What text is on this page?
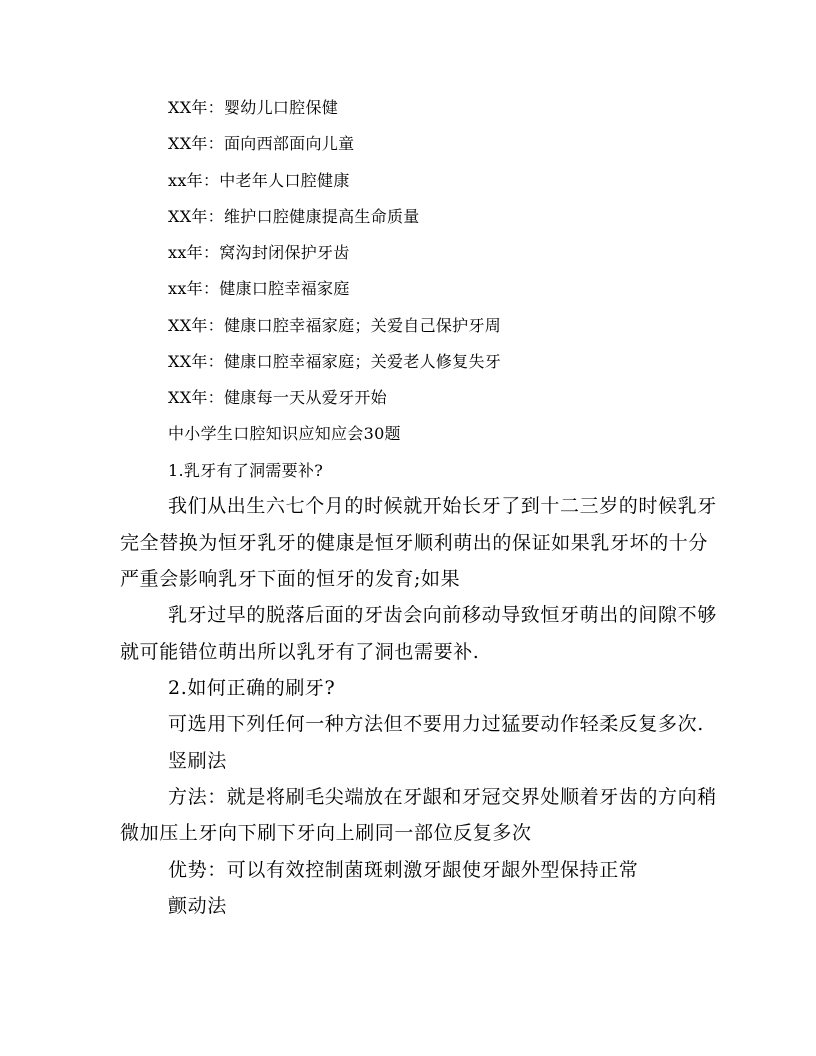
XX年：婴幼儿口腔保健

XX年：面向西部面向儿童

xx年：中老年人口腔健康

XX年：维护口腔健康提高生命质量

xx年：窝沟封闭保护牙齿

xx年：健康口腔幸福家庭

XX年：健康口腔幸福家庭；关爱自己保护牙周

XX年：健康口腔幸福家庭；关爱老人修复失牙

XX年：健康每一天从爱牙开始

中小学生口腔知识应知应会30题

1.乳牙有了洞需要补?

我们从出生六七个月的时候就开始长牙了到十二三岁的时候乳牙

完全替换为恒牙乳牙的健康是恒牙顺利萌出的保证如果乳牙坏的十分

严重会影响乳牙下面的恒牙的发育;如果

乳牙过早的脱落后面的牙齿会向前移动导致恒牙萌出的间隙不够

就可能错位萌出所以乳牙有了洞也需要补.

2.如何正确的刷牙?

可选用下列任何一种方法但不要用力过猛要动作轻柔反复多次.

竖刷法

方法：就是将刷毛尖端放在牙龈和牙冠交界处顺着牙齿的方向稍

微加压上牙向下刷下牙向上刷同一部位反复多次

优势：可以有效控制菌斑刺激牙龈使牙龈外型保持正常

颤动法
